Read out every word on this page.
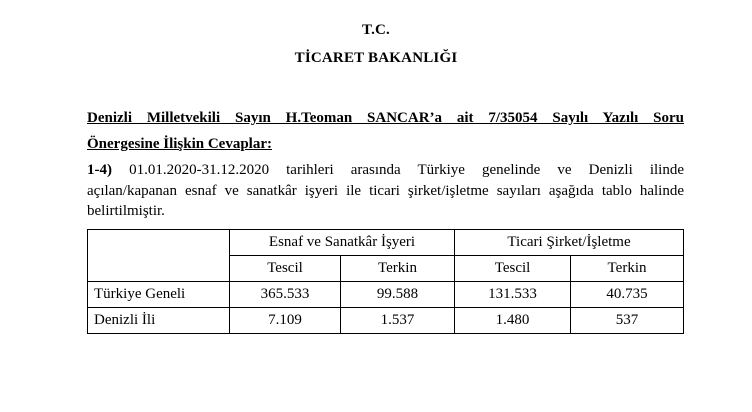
T.C.
TİCARET BAKANLIĞI
Denizli Milletvekili Sayın H.Teoman SANCAR’a ait 7/35054 Sayılı Yazılı Soru
Önergesine İlişkin Cevaplar:
1-4) 01.01.2020-31.12.2020 tarihleri arasında Türkiye genelinde ve Denizli ilinde
açılan/kapanan esnaf ve sanatkâr işyeri ile ticari şirket/işletme sayıları aşağıda tablo halinde
belirtilmiştir.
	Esnaf ve Sanatkâr İşyeri		Ticari Şirket/İşletme	
	Tescil	Terkin	Tescil	Terkin
Türkiye Geneli	365.533	99.588	131.533	40.735
Denizli İli	7.109	1.537	1.480	537
